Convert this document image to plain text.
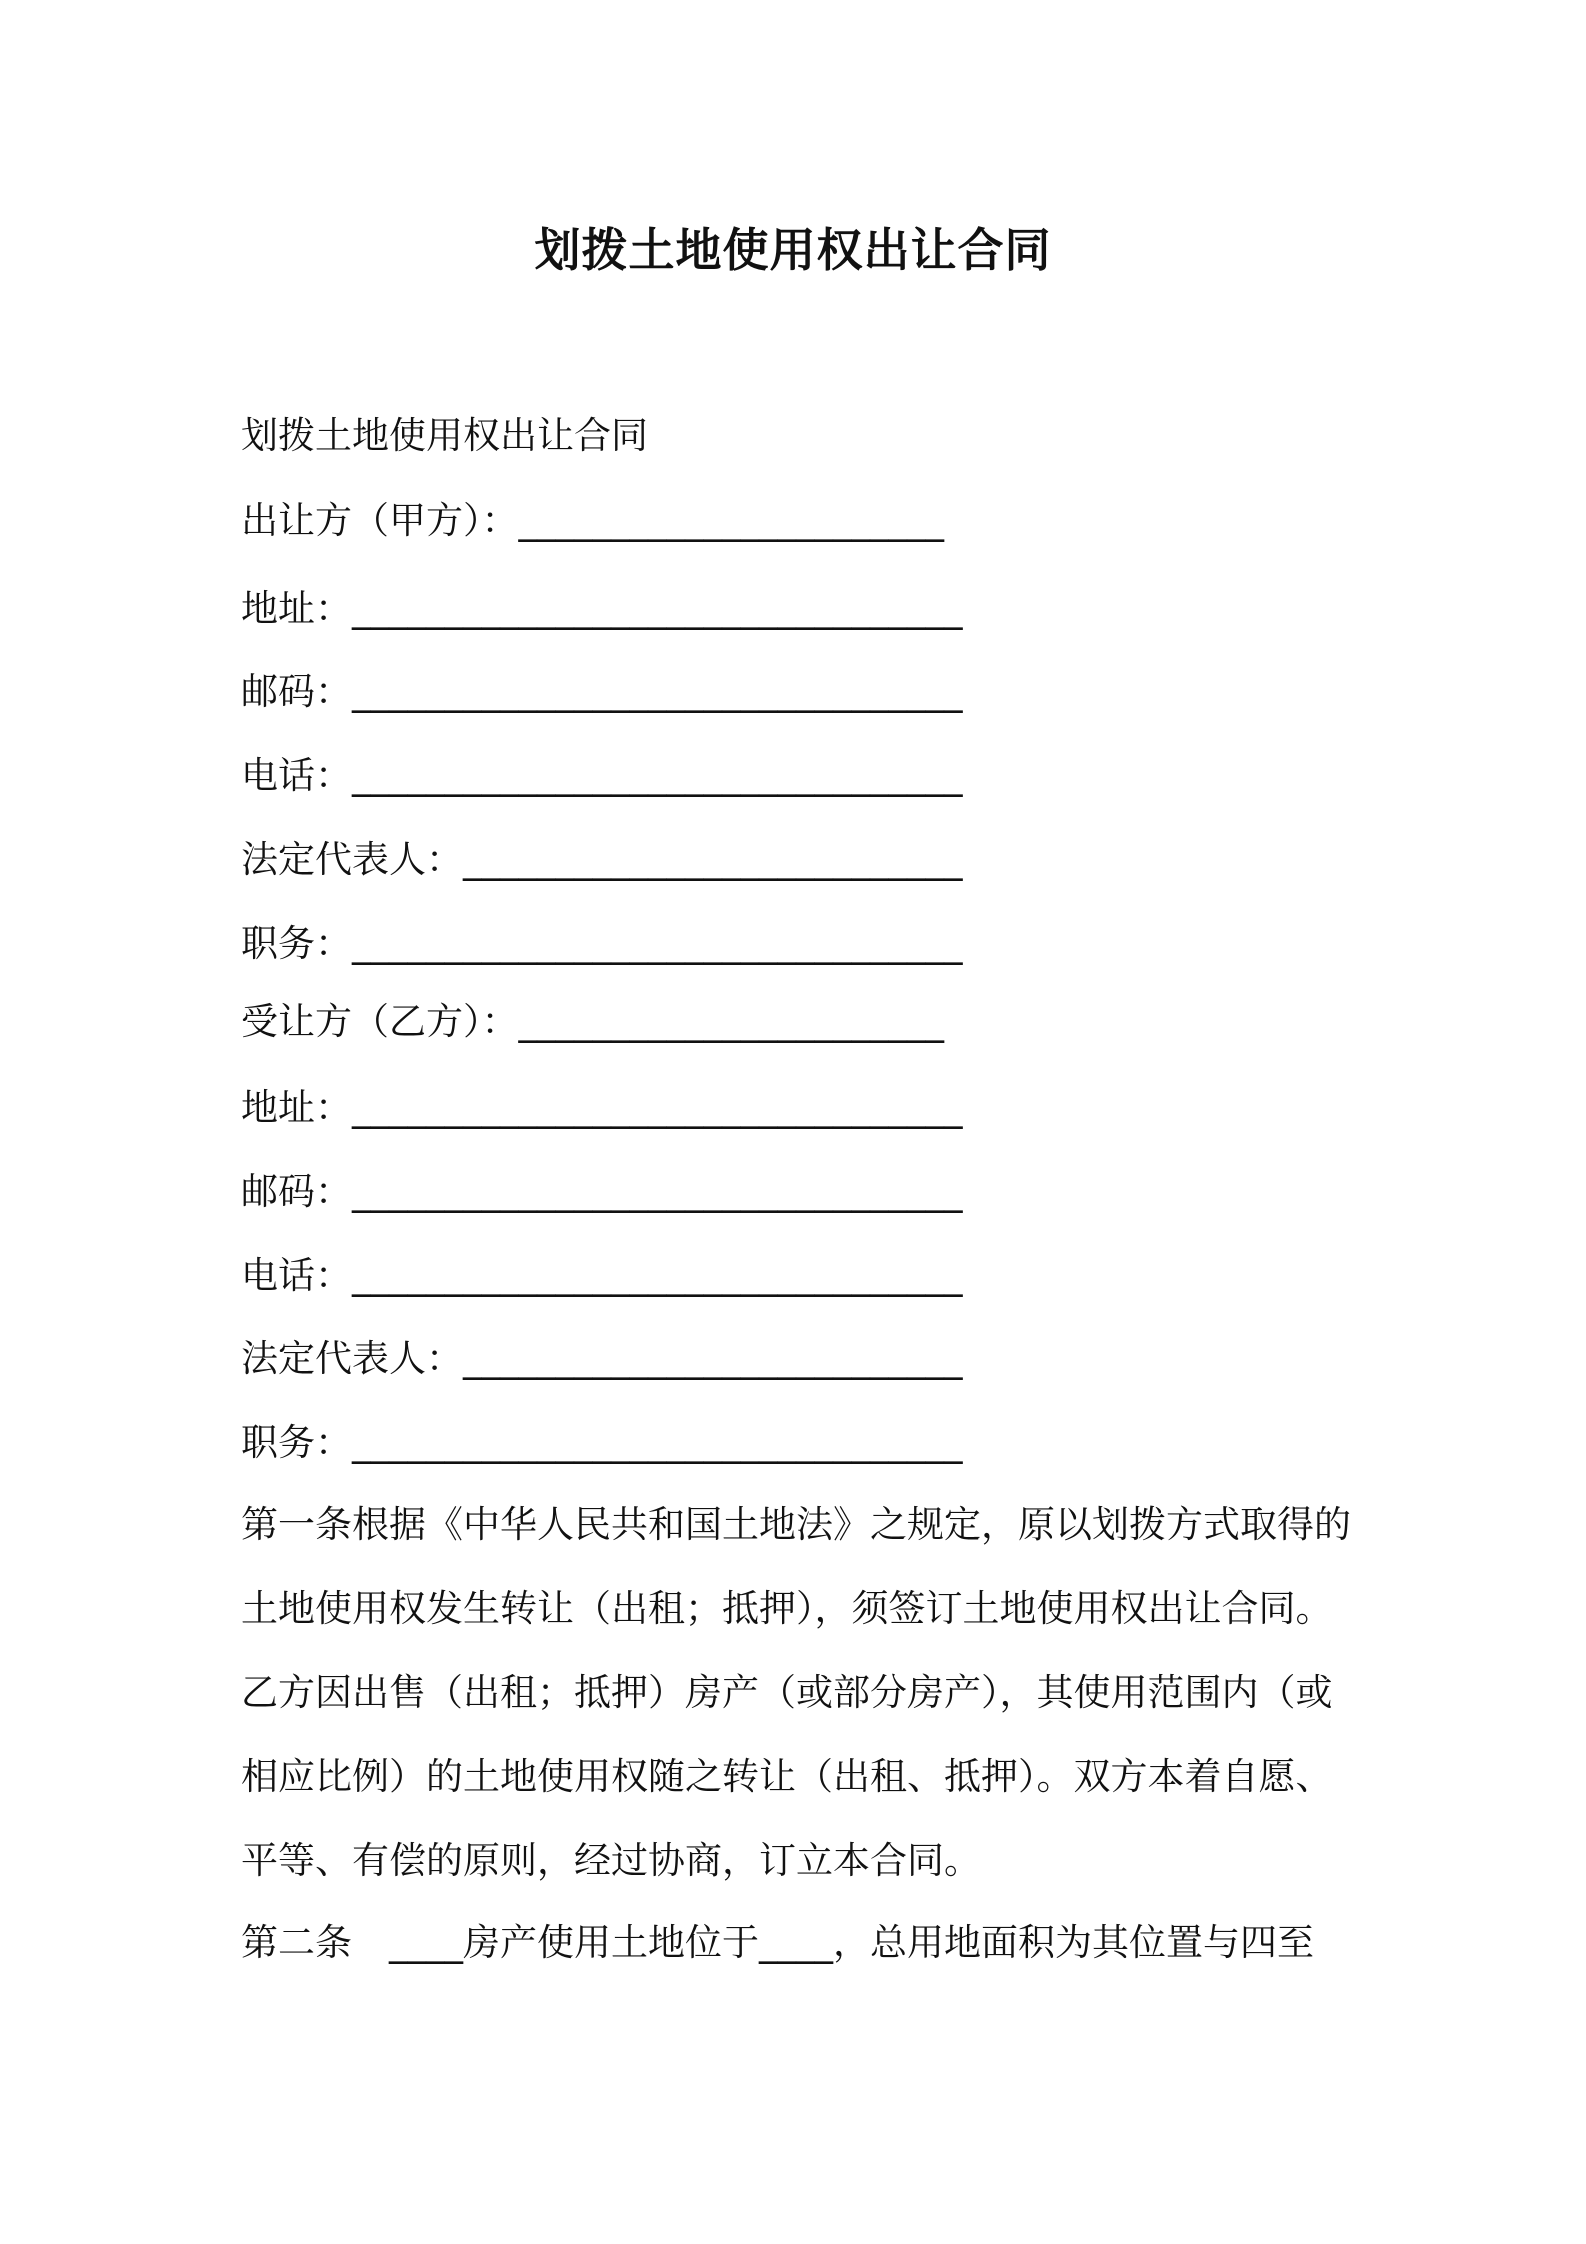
划拨土地使用权出让合同
划拨土地使用权出让合同
出让方（甲方）：_______________________
地址：_________________________________
邮码：_________________________________
电话：_________________________________
法定代表人：___________________________
职务：_________________________________
受让方（乙方）：_______________________
地址：_________________________________
邮码：_________________________________
电话：_________________________________
法定代表人：___________________________
职务：_________________________________
第一条根据《中华人民共和国土地法》之规定，原以划拨方式取得的土地使用权发生转让（出租；抵押），须签订土地使用权出让合同。乙方因出售（出租；抵押）房产（或部分房产），其使用范围内（或相应比例）的土地使用权随之转让（出租、抵押）。双方本着自愿、平等、有偿的原则，经过协商，订立本合同。
第二条　____房产使用土地位于____，总用地面积为其位置与四至
